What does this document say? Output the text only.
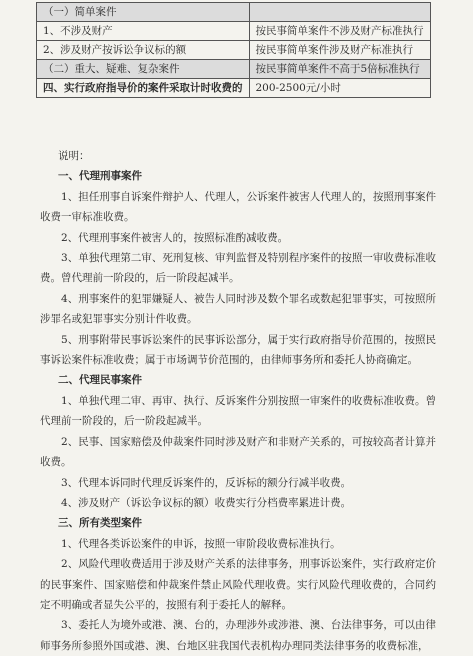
（一）简单案件	
1、不涉及财产	按民事简单案件不涉及财产标准执行
2、涉及财产按诉讼争议标的额	按民事简单案件涉及财产标准执行
（二）重大、疑难、复杂案件	按民事简单案件不高于5倍标准执行
四、实行政府指导价的案件采取计时收费的	200-2500元/小时

说明：

一、代理刑事案件

1、担任刑事自诉案件辩护人、代理人，公诉案件被害人代理人的，按照刑事案件收费一审标准收费。

2、代理刑事案件被害人的，按照标准酌减收费。

3、单独代理第二审、死刑复核、审判监督及特别程序案件的按照一审收费标准收费。曾代理前一阶段的，后一阶段起减半。

4、刑事案件的犯罪嫌疑人、被告人同时涉及数个罪名或数起犯罪事实，可按照所涉罪名或犯罪事实分别计件收费。

5、刑事附带民事诉讼案件的民事诉讼部分，属于实行政府指导价范围的，按照民事诉讼案件标准收费；属于市场调节价范围的，由律师事务所和委托人协商确定。

二、代理民事案件

1、单独代理二审、再审、执行、反诉案件分别按照一审案件的收费标准收费。曾代理前一阶段的，后一阶段起减半。

2、民事、国家赔偿及仲裁案件同时涉及财产和非财产关系的，可按较高者计算并收费。

3、代理本诉同时代理反诉案件的，反诉标的额分行减半收费。

4、涉及财产（诉讼争议标的额）收费实行分档费率累进计费。

三、所有类型案件

1、代理各类诉讼案件的申诉，按照一审阶段收费标准执行。

2、风险代理收费适用于涉及财产关系的法律事务，刑事诉讼案件，实行政府定价的民事案件、国家赔偿和仲裁案件禁止风险代理收费。实行风险代理收费的，合同约定不明确或者显失公平的，按照有利于委托人的解释。

3、委托人为境外或港、澳、台的，办理涉外或涉港、澳、台法律事务，可以由律师事务所参照外国或港、澳、台地区驻我国代表机构办理同类法律事务的收费标准，
